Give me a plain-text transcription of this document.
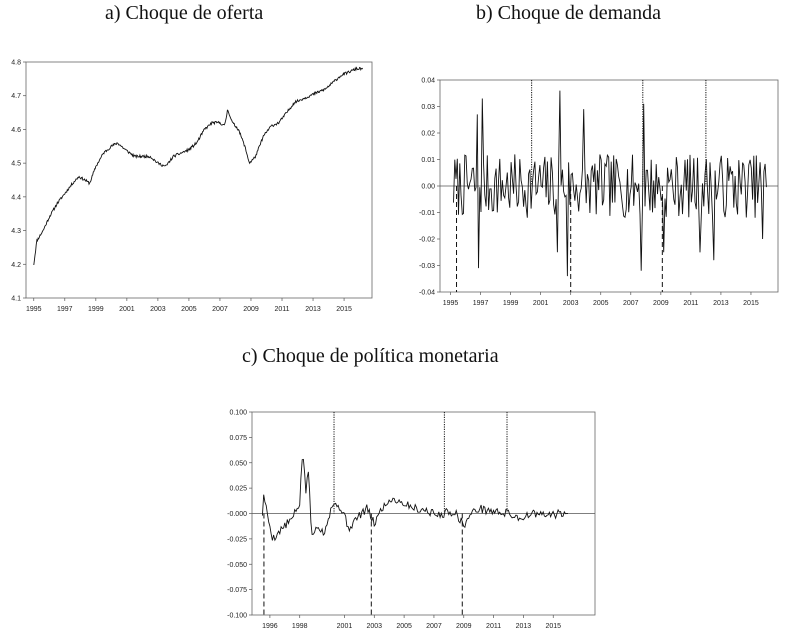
a) Choque de oferta	b) Choque de demanda
c) Choque de política monetaria
4.1
4.2
4.3
4.4
4.5
4.6
4.7
4.8
1995 1997 1999 2001 2003 2005 2007 2009 2011 2013 2015
-0.04
-0.03
-0.02
-0.01
0.00
0.01
0.02
0.03
0.04
1995 1997 1999 2001 2003 2005 2007 2009 2011 2013 2015
-0.100
-0.075
-0.050
-0.025
-0.000
0.025
0.050
0.075
0.100
1996 1998	2001 2003 2005 2007 2009 2011 2013 2015
